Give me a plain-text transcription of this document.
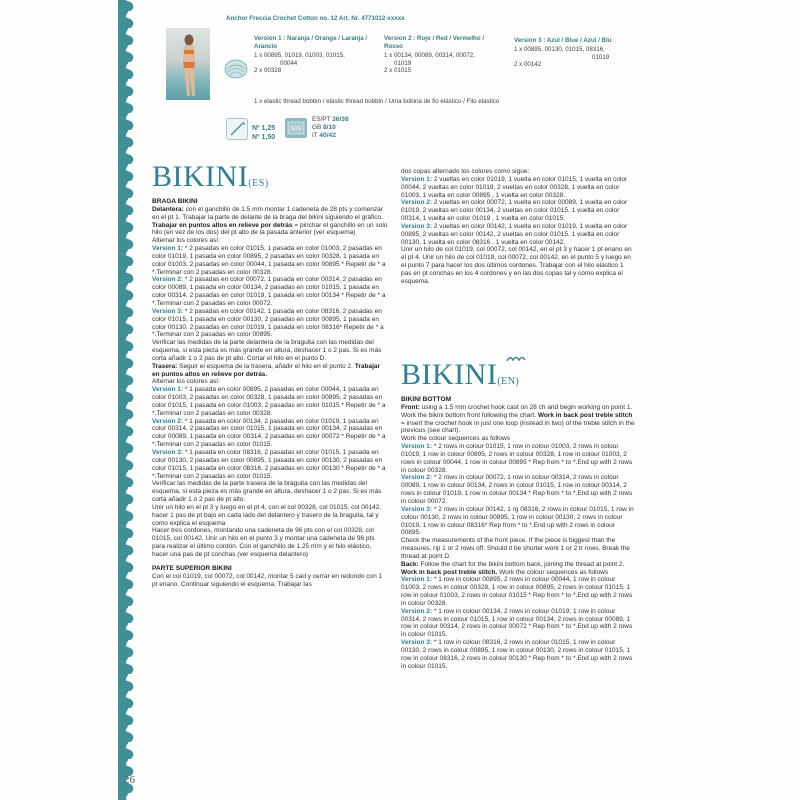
Anchor Freccia Crochet Cotton no. 12 Art. Nr. 4771012-xxxxx
Version 1 : Naranja / Orange / Laranja / Arancio
1 x 00895, 01019, 01003, 01015,
00044
2 x 00328
Version 2 : Rojo / Red / Vermelho / Rosso
1 x 00134, 00089, 00314, 00072,
01019
2 x 01015
Version 3 : Azul / Blue / Azul / Blu
1 x 00895, 00130, 01015, 08316,
01019
2 x 00142
1 x elastic thread bobbin / elastic thread bobbin / Uma bobina de fio elástico / Filo elastico
Nº 1,25
Nº 1,50
SIZE
ES/PT 36/38
GB 8/10
IT 40/42
BIKINI(ES)

BRAGA BIKINI

Delantera: con el ganchillo de 1.5 mm montar 1 cadeneta de 28 pts y comenzar en el pt 1. Trabajar la parte de delante de la braga del bikini siguiendo el gráfico. Trabajar en puntos altos en relieve por detrás = pinchar el ganchillo en un solo hilo (en vez de los dos) del pt alto de la pasada anterior (ver esquema)

Alternar los colores así:

Version 1: * 2 pasadas en color 01015, 1 pasada en color 01003, 2 pasadas en color 01019, 1 pasada en color 00895, 2 pasadas en color 00328, 1 pasada en color 01003, 2 pasadas en color 00044, 1 pasada en color 00895 * Repetir de * a *.Terminar con 2 pasadas en color 00328.

Version 2: * 2 pasadas en color 00072, 1 pasada en color 00314, 2 pasadas en color 00089, 1 pasada en color 00134, 2 pasadas en color 01015, 1 pasada en color 00314, 2 pasadas en color 01019, 1 pasada en color 00134 * Repetir de * a *.Terminar con 2 pasadas en color 00072.

Version 3: * 2 pasadas en color 00142, 1 pasada en color 08316, 2 pasadas en color 01015, 1 pasada en color 00130, 2 pasadas en color 00895, 1 pasada en color 00130, 2 pasadas en color 01019, 1 pasada en color 08316* Repetir de * a *.Terminar con 2 pasadas en color 00895.

Verificar las medidas de la parte delantera de la braguita con las medidas del esquema, si esta pieza es más grande en altura, deshacer 1 o 2 pas. Si es más corta añadir 1 o 2 pas de pt alto. Cortar el hilo en el punto D.

Trasera: Seguir el esquema de la trasera, añadir el hilo en el punto 2. Trabajar en puntos altos en relieve por detrás.

Alternar los colores así:

Version 1: * 1 pasada en color 00895, 2 pasadas en color 00044, 1 pasada en color 01003, 2 pasadas en color 00328, 1 pasada en color 00895, 2 pasadas en color 01015, 1 pasada en color 01003, 2 pasadas en color 01015 * Repetir de * a *.Terminar con 2 pasadas en color 00328.

Version 2: * 1 pasada en color 00134, 2 pasadas en color 01019, 1 pasada en color 00314, 2 pasadas en color 01015, 1 pasada en color 00134, 2 pasadas en color 00089, 1 pasada en color 00314, 2 pasadas en color 00072 * Repetir de * a *.Terminar con 2 pasadas en color 01015.

Version 3: * 1 pasada en color 08316, 2 pasadas en color 01015, 1 pasada en color 00130, 2 pasadas en color 00895, 1 pasada en color 00130, 2 pasadas en color 01015, 1 pasada en color 08316, 2 pasadas en color 00130 * Repetir de * a *.Terminar con 2 pasadas en color 01015.

Verificar las medidas de la parte trasera de la braguita con las medidas del esquema, si esta pieza es más grande en altura, deshacer 1 o 2 pas. Si es más corta añadir 1 o 2 pas de pt alto.

Unir un hilo en el pt 3 y luego en el pt 4, con el col 00328, col 01015, col 00142, hacer 1 pas de pt bajo en cada lado del delantero y trasero de la braguita, tal y como explica el esquema

Hacer tres cordones, montando una cadeneta de 96 pts con el col 00328, col 01015, col 00142. Unir un hilo en el punto 3 y montar una cadeneta de 96 pts para realizar el último cordón. Con el ganchillo de 1.25 mm y el hilo elástico, hacer una pas de pt conchas (ver esquema delantero)

PARTE SUPERIOR BIKINI

Con el col 01019, col 00072, col 00142, montar 5 cad y cerrar en redondo con 1 pt enano. Continuar siguiendo el esquema. Trabajar las

dos copas alternado los colores como sigue:

Version 1: 2 vueltas en color 01019, 1 vuelta en color 01015, 1 vuelta en color 00044, 2 vueltas en color 01019, 2 vueltas en color 00328, 1 vuelta en color 01003, 1 vuelta en color 00895 , 1 vuelta en color 00328.

Version 2: 2 vueltas en color 00072, 1 vuelta en color 00089, 1 vuelta en color 01019, 2 vueltas en color 00134, 2 vueltas en color 01015, 1 vuelta en color 00314, 1 vuelta en color 01019 , 1 vuelta en color 01015.

Version 3: 2 vueltas en color 00142, 1 vuelta en color 01019, 1 vuelta en color 00895, 2 vueltas en color 00142, 2 vueltas en color 01015, 1 vuelta en color 00130, 1 vuelta en color 08316 , 1 vuelta en color 00142.

Unir un hilo de col 01019, col 00072, col 00142, en el pt 3 y hacer 1 pt enano en el pt 4. Unir un hilo de col 01019, col 00072, col 00142, en el punto 5 y luego en el punto 7 para hacer los dos últimos cordones. Trabajar con el hilo elástico 1 pas en pt conchas en los 4 cordones y en las dos copas tal y cómo explica el esquema.

BIKINI(EN)

BIKINI BOTTOM

Front: using a 1.5 mm crochet hook cast on 28 ch and begin working on point 1. Work the bikini bottom front following the chart. Work in back post treble stitch = insert the crochet hook in just one loop (instead in two) of the treble stitch in the previous (see chart).

Work the colour sequences as follows

Version 1: * 2 rows in colour 01015, 1 row in colour 01003, 2 rows in colour 01019, 1 row in colour 00895, 2 rows in colour 00328, 1 row in colour 01003, 2 rows in colour 00044, 1 row in colour 00895 * Rep from * to *.End up with 2 rows in colour 00328.

Version 2: * 2 rows in colour 00072, 1 row in colour 00314, 2 rows in colour 00089, 1 row in colour 00134, 2 rows in colour 01015, 1 row in colour 00314, 2 rows in colour 01019, 1 row in colour 00134 * Rep from * to *.End up with 2 rows in colour 00072.

Version 3: * 2 rows in colour 00142, 1 rg 08316, 2 rows in colour 01015, 1 row in colour 00130, 2 rows in colour 00895, 1 row in colour 00130, 2 rows in colour 01019, 1 row in colour 08316* Rep from * to *.End up with 2 rows in colour 00895.

Check the measurements of the front piece. If the piece is biggest than the measures, rip 1 or 2 rows off. Should it be shorter work 1 or 2 tr rows. Break the thread at point D.

Back: Follow the chart for the bikini bottom back, joining the thread at point 2. Work in back post treble stitch. Work the colour sequences as follows

Version 1: * 1 row in colour 00895, 2 rows in colour 00044, 1 row in colour 01003, 2 rows in colour 00328, 1 row in colour 00895, 2 rows in colour 01015, 1 row in colour 01003, 2 rows in colour 01015 * Rep from * to *.End up with 2 rows in colour 00328.

Version 2: * 1 row in colour 00134, 2 rows in colour 01019, 1 row in colour 00314, 2 rows in colour 01015, 1 row in colour 00134, 2 rows in colour 00089, 1 row in colour 00314, 2 rows in colour 00072 * Rep from * to *.End up with 2 rows in colour 01015.

Version 3: * 1 row in colour 08316, 2 rows in colour 01015, 1 row in colour 00130, 2 rows in colour 00895, 1 row in colour 00130, 2 rows in colour 01015, 1 row in colour 08316, 2 rows in colour 00130 * Rep from * to *.End up with 2 rows in colour 01015.

26
